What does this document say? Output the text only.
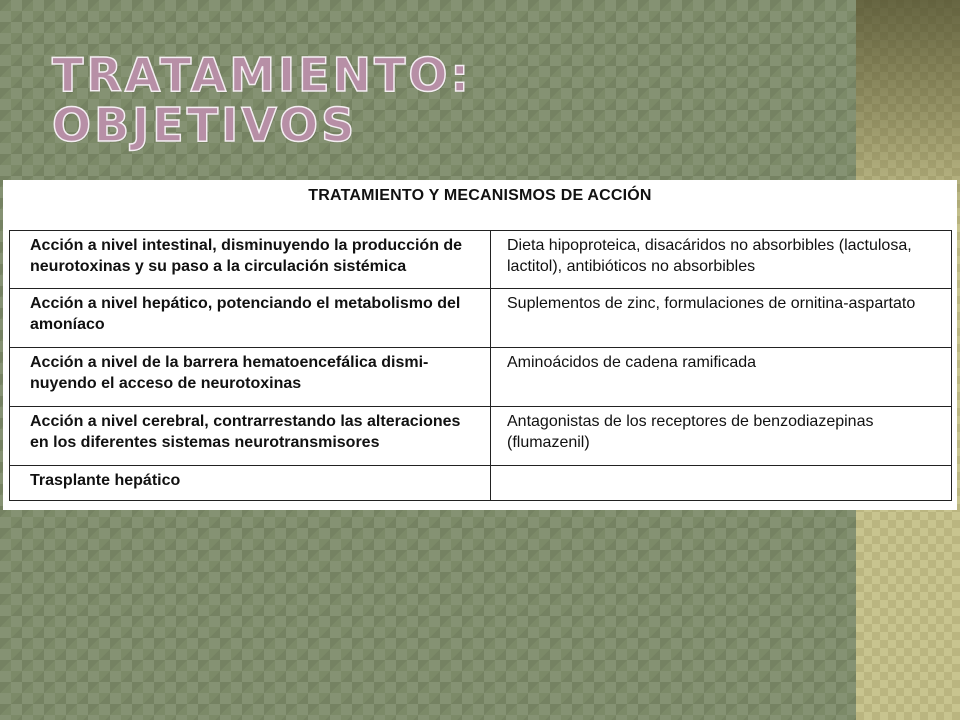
TRATAMIENTO:
OBJETIVOS
TRATAMIENTO Y MECANISMOS DE ACCIÓN
Acción a nivel intestinal, disminuyendo la producción de neurotoxinas y su paso a la circulación sistémica	Dieta hipoproteica, disacáridos no absorbibles (lactulosa, lactitol), antibióticos no absorbibles
Acción a nivel hepático, potenciando el metabolismo del amoníaco	Suplementos de zinc, formulaciones de ornitina-aspartato
Acción a nivel de la barrera hematoencefálica dismi-nuyendo el acceso de neurotoxinas	Aminoácidos de cadena ramificada
Acción a nivel cerebral, contrarrestando las alteraciones en los diferentes sistemas neurotransmisores	Antagonistas de los receptores de benzodiazepinas (flumazenil)
Trasplante hepático	
